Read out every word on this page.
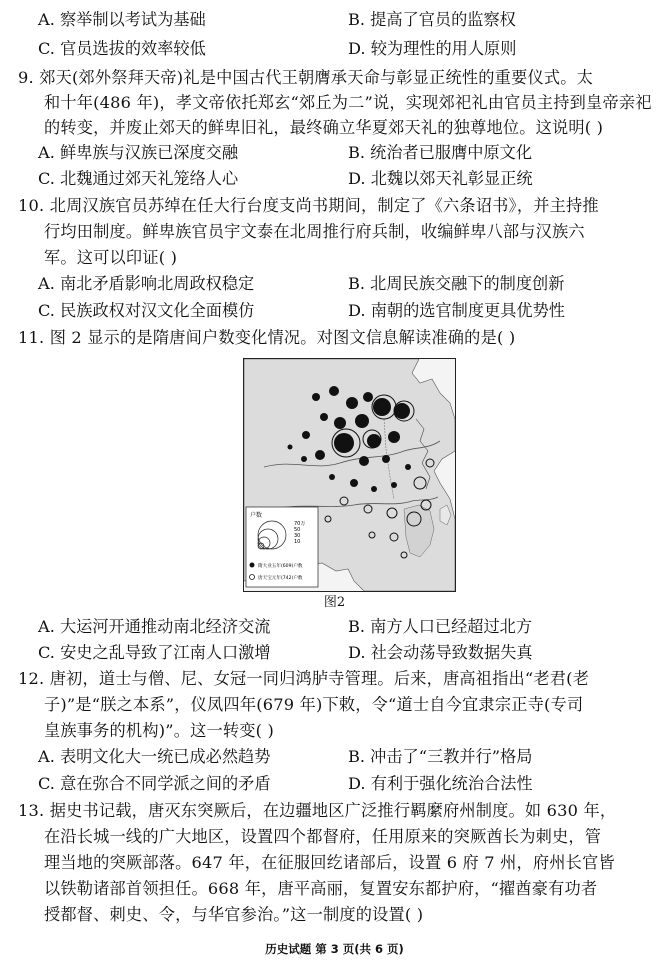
A. 察举制以考试为基础	B. 提高了官员的监察权
C. 官员选拔的效率较低	D. 较为理性的用人原则
9. 郊天(郊外祭拜天帝)礼是中国古代王朝膺承天命与彰显正统性的重要仪式。太
和十年(486 年)，孝文帝依托郑玄“郊丘为二”说，实现郊祀礼由官员主持到皇帝亲祀
的转变，并废止郊天的鲜卑旧礼，最终确立华夏郊天礼的独尊地位。这说明( )
A. 鲜卑族与汉族已深度交融	B. 统治者已服膺中原文化
C. 北魏通过郊天礼笼络人心	D. 北魏以郊天礼彰显正统
10. 北周汉族官员苏绰在任大行台度支尚书期间，制定了《六条诏书》，并主持推
行均田制度。鲜卑族官员宇文泰在北周推行府兵制，收编鲜卑八部与汉族六
军。这可以印证( )
A. 南北矛盾影响北周政权稳定	B. 北周民族交融下的制度创新
C. 民族政权对汉文化全面模仿	D. 南朝的选官制度更具优势性
11. 图 2 显示的是隋唐间户数变化情况。对图文信息解读准确的是( )
户数
70万
50
30
10
隋大业五年(609)户数
唐天宝元年(742)户数
图2
A. 大运河开通推动南北经济交流	B. 南方人口已经超过北方
C. 安史之乱导致了江南人口激增	D. 社会动荡导致数据失真
12. 唐初，道士与僧、尼、女冠一同归鸿胪寺管理。后来，唐高祖指出“老君(老
子)”是“朕之本系”，仪凤四年(679 年)下敕，令“道士自今宜隶宗正寺(专司
皇族事务的机构)”。这一转变( )
A. 表明文化大一统已成必然趋势	B. 冲击了“三教并行”格局
C. 意在弥合不同学派之间的矛盾	D. 有利于强化统治合法性
13. 据史书记载，唐灭东突厥后，在边疆地区广泛推行羁縻府州制度。如 630 年，
在沿长城一线的广大地区，设置四个都督府，任用原来的突厥酋长为刺史，管
理当地的突厥部落。647 年，在征服回纥诸部后，设置 6 府 7 州，府州长官皆
以铁勒诸部首领担任。668 年，唐平高丽，复置安东都护府，“擢酋豪有功者
授都督、刺史、令，与华官参治。”这一制度的设置( )
历史试题 第 3 页(共 6 页)
